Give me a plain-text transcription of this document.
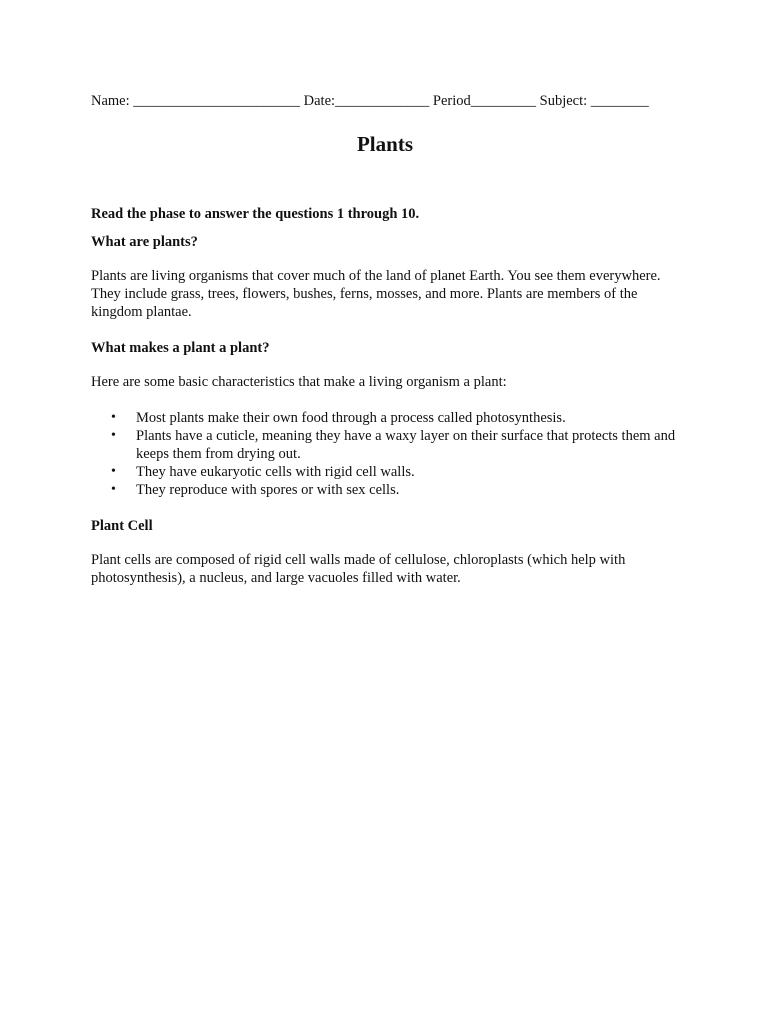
Name: _______________________ Date:_____________ Period_________ Subject: ________
Plants

Read the phase to answer the questions 1 through 10.

What are plants?

Plants are living organisms that cover much of the land of planet Earth. You see them everywhere. They include grass, trees, flowers, bushes, ferns, mosses, and more. Plants are members of the kingdom plantae.

What makes a plant a plant?

Here are some basic characteristics that make a living organism a plant:

• Most plants make their own food through a process called photosynthesis.
• Plants have a cuticle, meaning they have a waxy layer on their surface that protects them and keeps them from drying out.
• They have eukaryotic cells with rigid cell walls.
• They reproduce with spores or with sex cells.

Plant Cell

Plant cells are composed of rigid cell walls made of cellulose, chloroplasts (which help with photosynthesis), a nucleus, and large vacuoles filled with water.
